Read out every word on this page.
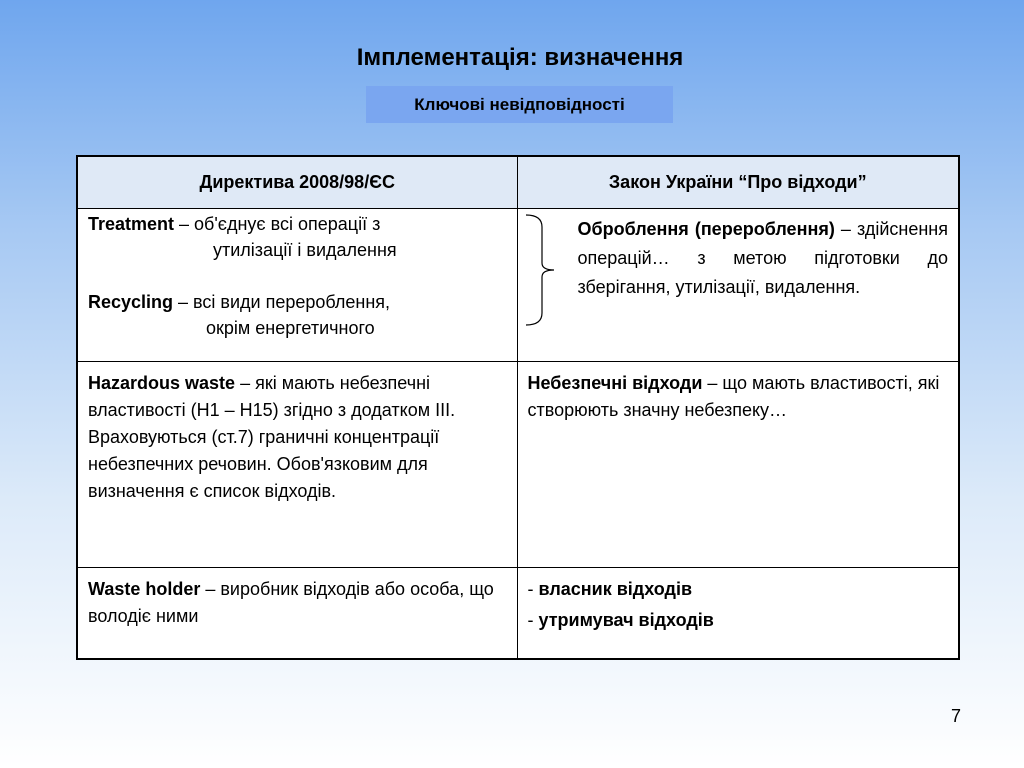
Імплементація: визначення
Ключові невідповідності
Директива 2008/98/ЄС	Закон України “Про відходи”

Treatment – об'єднує всі операції з
утилізації і видалення
Recycling – всі види перероблення,
окрім енергетичного	Оброблення (перероблення) – здійснення операцій… з метою підготовки до зберігання, утилізації, видалення.

Hazardous waste – які мають небезпечні властивості (Н1 – Н15) згідно з додатком III. Враховуються (ст.7) граничні концентрації небезпечних речовин. Обов'язковим для визначення є список відходів.	Небезпечні відходи – що мають властивості, які створюють значну небезпеку…

Waste holder – виробник відходів або особа, що володіє ними	- власник відходів
- утримувач відходів
7
